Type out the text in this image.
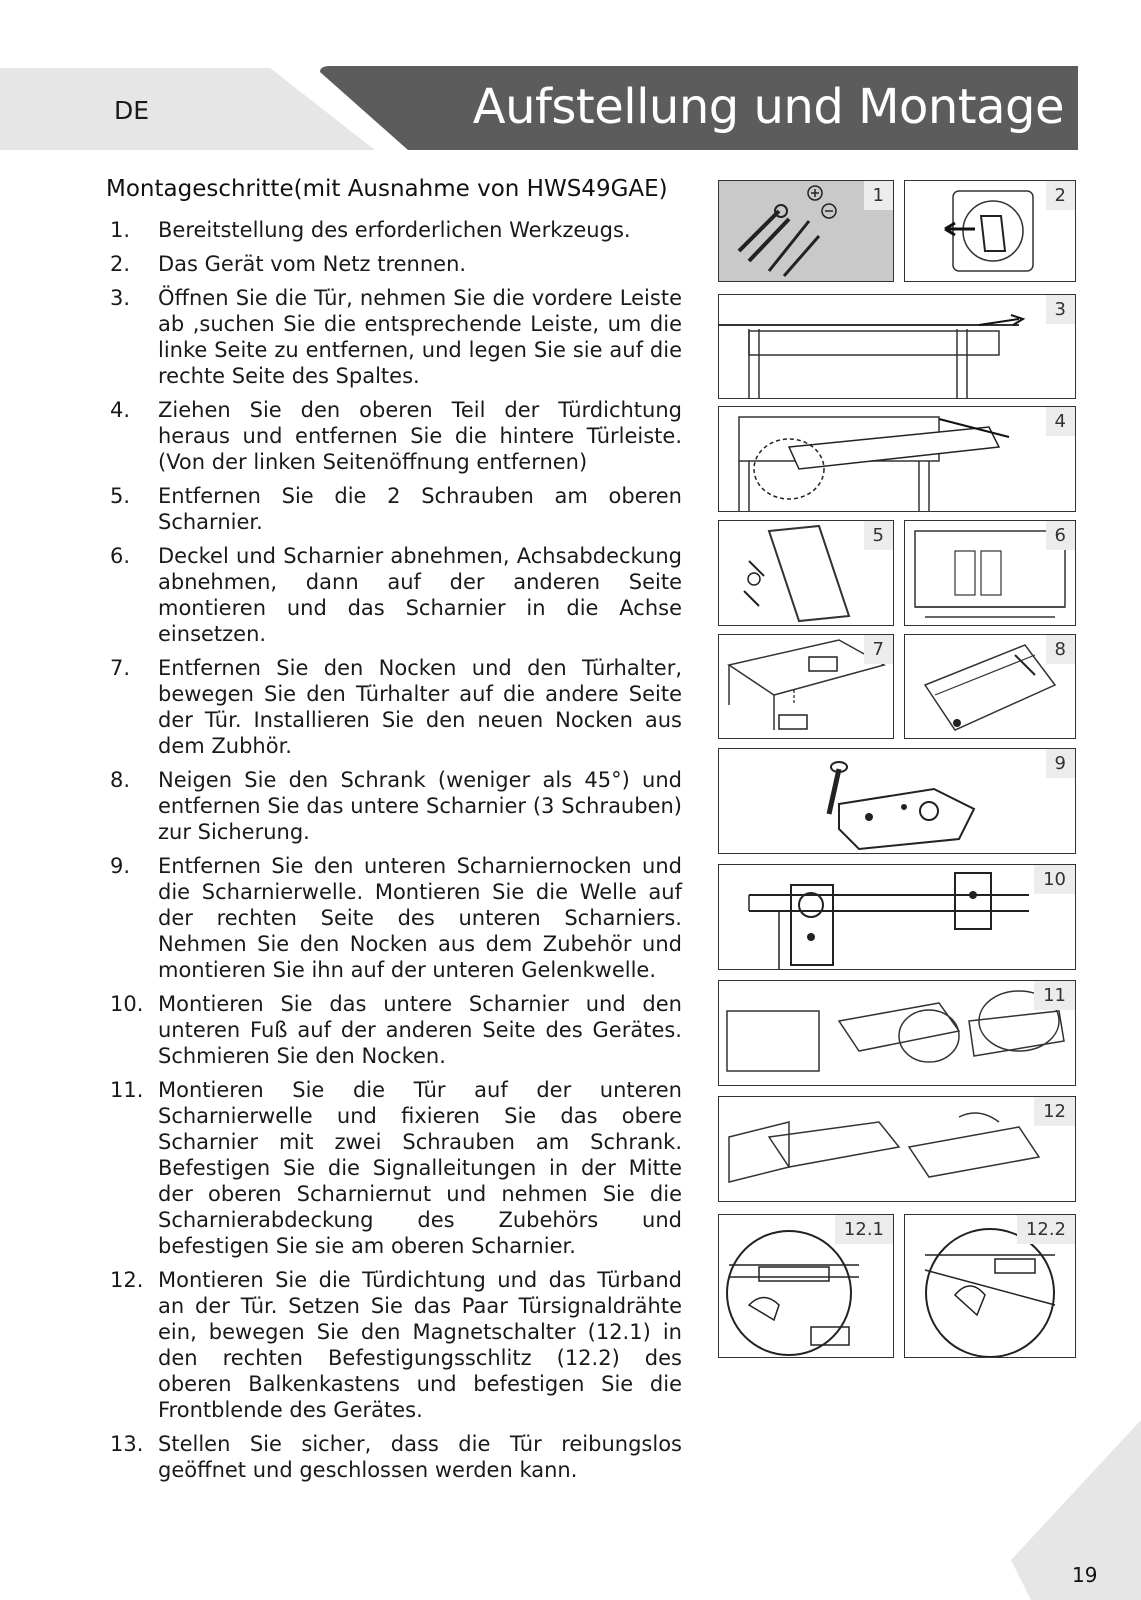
DE	Aufstellung und Montage
Montageschritte(mit Ausnahme von HWS49GAE)
1. Bereitstellung des erforderlichen Werkzeugs.
2. Das Gerät vom Netz trennen.
3. Öffnen Sie die Tür, nehmen Sie die vordere Leiste ab ,suchen Sie die entsprechende Leiste, um die linke Seite zu entfernen, und legen Sie sie auf die rechte Seite des Spaltes.
4. Ziehen Sie den oberen Teil der Türdichtung heraus und entfernen Sie die hintere Türleiste. (Von der linken Seitenöffnung entfernen)
5. Entfernen Sie die 2 Schrauben am oberen Scharnier.
6. Deckel und Scharnier abnehmen, Achsabdeckung abnehmen, dann auf der anderen Seite montieren und das Scharnier in die Achse einsetzen.
7. Entfernen Sie den Nocken und den Türhalter, bewegen Sie den Türhalter auf die andere Seite der Tür. Installieren Sie den neuen Nocken aus dem Zubhör.
8. Neigen Sie den Schrank (weniger als 45°) und entfernen Sie das untere Scharnier (3 Schrauben) zur Sicherung.
9. Entfernen Sie den unteren Scharniernocken und die Scharnierwelle. Montieren Sie die Welle auf der rechten Seite des unteren Scharniers. Nehmen Sie den Nocken aus dem Zubehör und montieren Sie ihn auf der unteren Gelenkwelle.
10. Montieren Sie das untere Scharnier und den unteren Fuß auf der anderen Seite des Gerätes. Schmieren Sie den Nocken.
11. Montieren Sie die Tür auf der unteren Scharnierwelle und fixieren Sie das obere Scharnier mit zwei Schrauben am Schrank. Befestigen Sie die Signalleitungen in der Mitte der oberen Scharniernut und nehmen Sie die Scharnierabdeckung des Zubehörs und befestigen Sie sie am oberen Scharnier.
12. Montieren Sie die Türdichtung und das Türband an der Tür. Setzen Sie das Paar Türsignaldrähte ein, bewegen Sie den Magnetschalter (12.1) in den rechten Befestigungsschlitz (12.2) des oberen Balkenkastens und befestigen Sie die Frontblende des Gerätes.
13. Stellen Sie sicher, dass die Tür reibungslos geöffnet und geschlossen werden kann.
1	2
3
4
5	6
7	8
9
10
11
12
12.1	12.2
19
